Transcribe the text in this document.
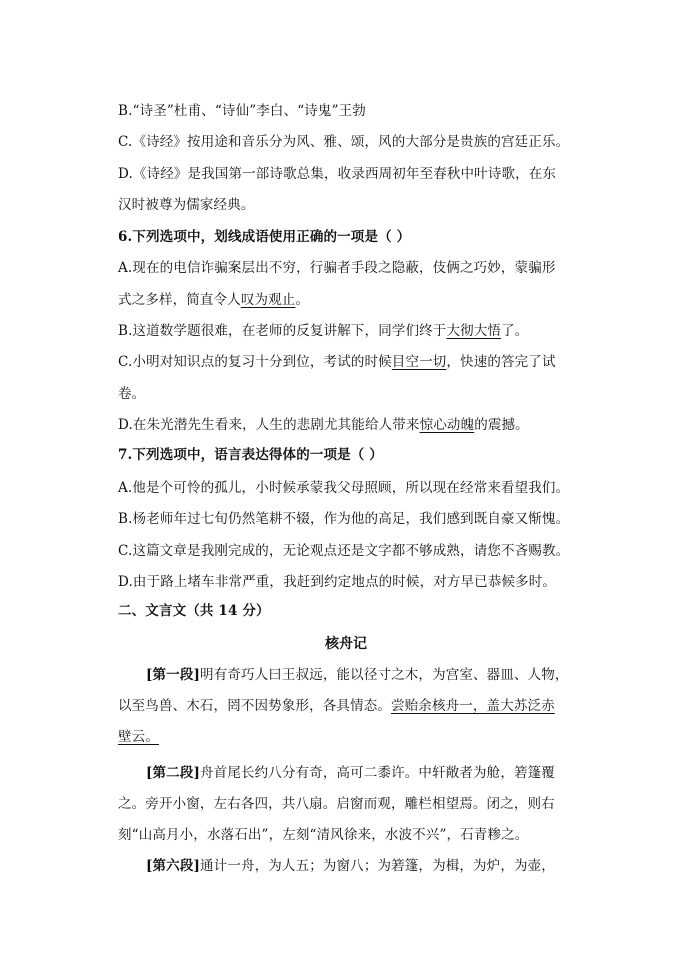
B.“诗圣”杜甫、“诗仙”李白、“诗鬼”王勃
C.《诗经》按用途和音乐分为风、雅、颂，风的大部分是贵族的宫廷正乐。
D.《诗经》是我国第一部诗歌总集，收录西周初年至春秋中叶诗歌，在东
汉时被尊为儒家经典。
6.下列选项中，划线成语使用正确的一项是（ ）
A.现在的电信诈骗案层出不穷，行骗者手段之隐蔽，伎俩之巧妙，蒙骗形
式之多样，简直令人叹为观止。
B.这道数学题很难，在老师的反复讲解下，同学们终于大彻大悟了。
C.小明对知识点的复习十分到位，考试的时候目空一切，快速的答完了试
卷。
D.在朱光潜先生看来，人生的悲剧尤其能给人带来惊心动魄的震撼。
7.下列选项中，语言表达得体的一项是（ ）
A.他是个可怜的孤儿，小时候承蒙我父母照顾，所以现在经常来看望我们。
B.杨老师年过七旬仍然笔耕不辍，作为他的高足，我们感到既自豪又惭愧。
C.这篇文章是我刚完成的，无论观点还是文字都不够成熟，请您不吝赐教。
D.由于路上堵车非常严重，我赶到约定地点的时候，对方早已恭候多时。
二、文言文（共 14 分）
核舟记
[第一段]明有奇巧人曰王叔远，能以径寸之木，为宫室、器皿、人物，
以至鸟兽、木石，罔不因势象形，各具情态。尝贻余核舟一，盖大苏泛赤
壁云。
[第二段]舟首尾长约八分有奇，高可二黍许。中轩敞者为舱，箬篷覆
之。旁开小窗，左右各四，共八扇。启窗而观，雕栏相望焉。闭之，则右
刻“山高月小，水落石出”，左刻“清风徐来，水波不兴”，石青糁之。
[第六段]通计一舟，为人五；为窗八；为箬篷，为楫，为炉，为壶，
